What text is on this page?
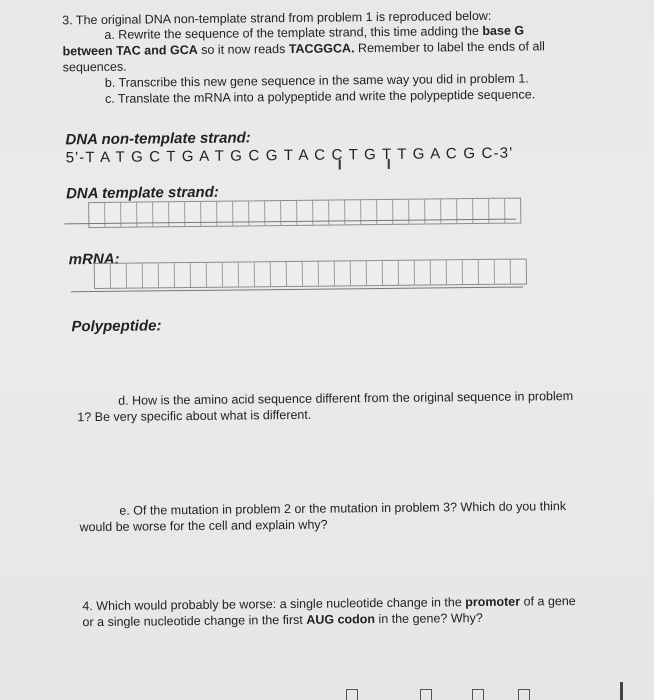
3. The original DNA non-template strand from problem 1 is reproduced below:
a. Rewrite the sequence of the template strand, this time adding the base G
between TAC and GCA so it now reads TACGGCA. Remember to label the ends of all
sequences.
b. Transcribe this new gene sequence in the same way you did in problem 1.
c. Translate the mRNA into a polypeptide and write the polypeptide sequence.
DNA non-template strand:
5'-T A T G C T G A T G C G T A C C T G T T G A C G C-3'
DNA template strand:
mRNA:
Polypeptide:
d. How is the amino acid sequence different from the original sequence in problem
1? Be very specific about what is different.
e. Of the mutation in problem 2 or the mutation in problem 3? Which do you think
would be worse for the cell and explain why?
4. Which would probably be worse: a single nucleotide change in the promoter of a gene
or a single nucleotide change in the first AUG codon in the gene? Why?
